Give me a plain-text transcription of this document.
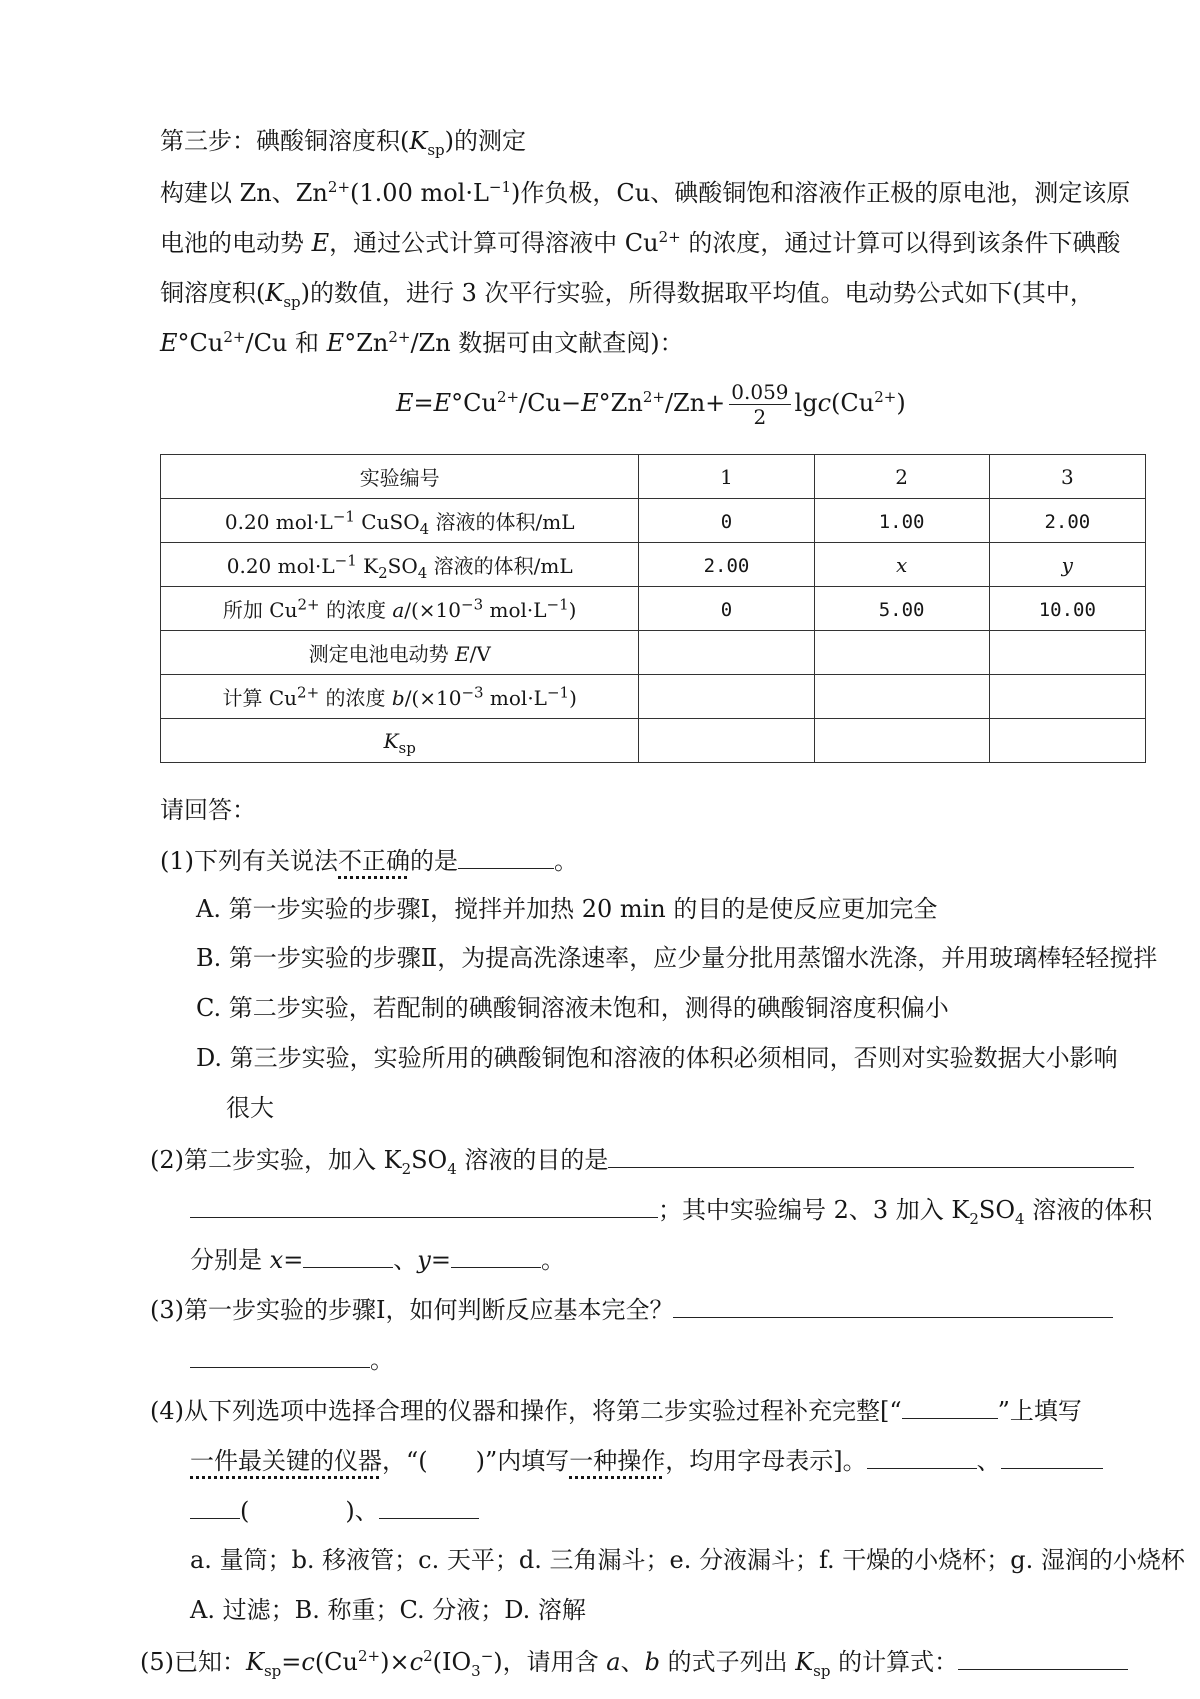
第三步：碘酸铜溶度积$(K_{sp})$的测定
构建以 Zn、$Zn^{2+}(1.00$ $mol\cdot L^{-1}$)作负极，Cu、碘酸铜饱和溶液作正极的原电池，测定该原
电池的电动势 E，通过公式计算可得溶液中 $Cu^{2+}$ 的浓度，通过计算可以得到该条件下碘酸
铜溶度积$(K_{sp})$的数值，进行 3 次平行实验，所得数据取平均值。电动势公式如下(其中，
$E^\circ Cu^{2+}/Cu$ 和 $E^\circ Zn^{2+}/Zn$ 数据可由文献查阅)：
$E=E^\circ Cu^{2+}/Cu-E^\circ Zn^{2+}/Zn+ \frac{0.059}{2} \lg c(Cu^{2+})$
实验编号	1	2	3
0.20 $mol\cdot L^{-1}$ CuSO$_4$ 溶液的体积/mL	0	1.00	2.00
0.20 $mol\cdot L^{-1}$ $K_2SO_4$ 溶液的体积/mL	2.00	x	y
所加 $Cu^{2+}$ 的浓度 $a/(\times 10^{-3}$ $mol\cdot L^{-1}$)	0	5.00	10.00
测定电池电动势 E/V			
计算 $Cu^{2+}$ 的浓度 $b/(\times 10^{-3}$ $mol\cdot L^{-1}$)			
$K_{sp}$			
请回答：
(1)下列有关说法不正确的是	。
A. 第一步实验的步骤Ⅰ，搅拌并加热 20 min 的目的是使反应更加完全
B. 第一步实验的步骤Ⅱ，为提高洗涤速率，应少量分批用蒸馏水洗涤，并用玻璃棒轻轻搅拌
C. 第二步实验，若配制的碘酸铜溶液未饱和，测得的碘酸铜溶度积偏小
D. 第三步实验，实验所用的碘酸铜饱和溶液的体积必须相同，否则对实验数据大小影响
很大
(2)第二步实验，加入 $K_2SO_4$ 溶液的目的是
；其中实验编号 2、3 加入 $K_2SO_4$ 溶液的体积
分别是 x=	、y=	。
(3)第一步实验的步骤Ⅰ，如何判断反应基本完全？
。
(4)从下列选项中选择合理的仪器和操作，将第二步实验过程补充完整[“	”上填写
一件最关键的仪器，“(　　)”内填写一种操作，均用字母表示]。	、
(　　　　)、
a. 量筒；b. 移液管；c. 天平；d. 三角漏斗；e. 分液漏斗；f. 干燥的小烧杯；g. 湿润的小烧杯
A. 过滤；B. 称重；C. 分液；D. 溶解
(5)已知：$K_{sp}=c(Cu^{2+})\times c^2(IO_3^-)$，请用含 a、b 的式子列出 $K_{sp}$ 的计算式：
